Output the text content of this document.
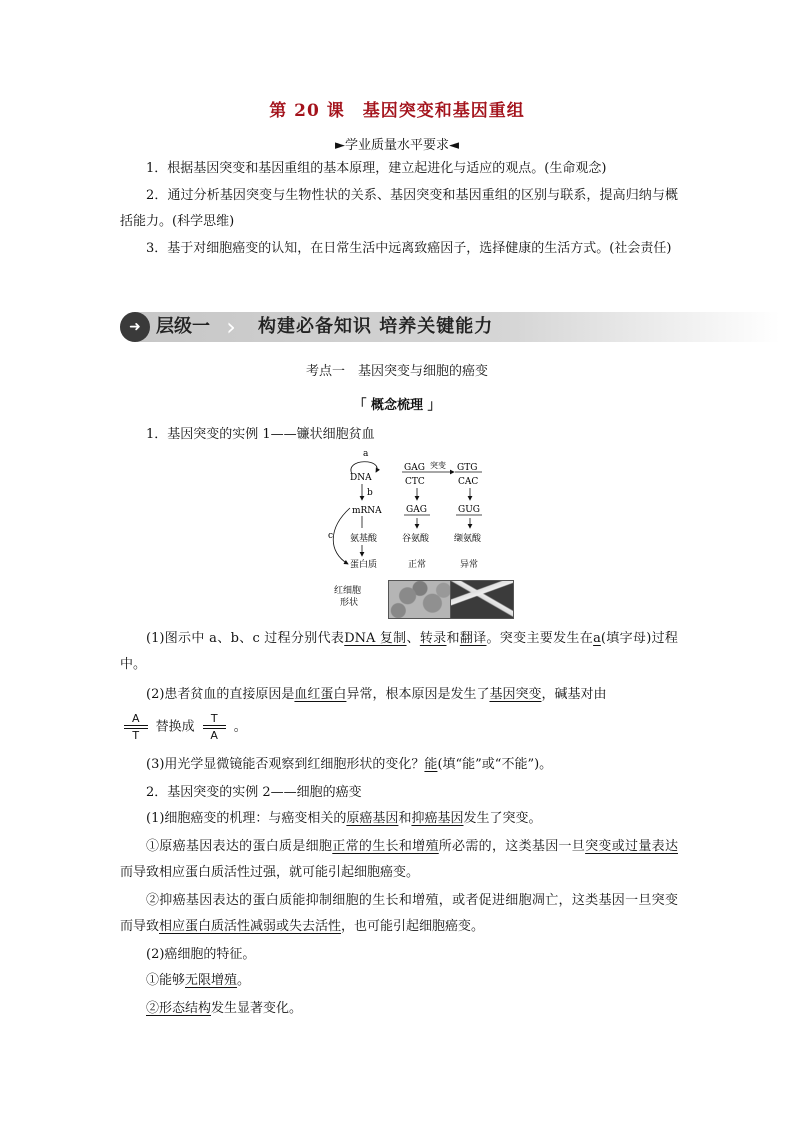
第 20 课　基因突变和基因重组
►学业质量水平要求◄
1．根据基因突变和基因重组的基本原理，建立起进化与适应的观点。(生命观念)
2．通过分析基因突变与生物性状的关系、基因突变和基因重组的区别与联系，提高归纳与概括能力。(科学思维)
3．基于对细胞癌变的认知，在日常生活中远离致癌因子，选择健康的生活方式。(社会责任)
➜ 层级一 ›	构建必备知识 培养关键能力
考点一　基因突变与细胞的癌变
「 概念梳理 」
1．基因突变的实例 1——镰状细胞贫血
a
DNA
b
mRNA
c 氨基酸
蛋白质
红细胞
形状
GAG 突变 GTG
CTC	CAC
GAG	GUG
谷氨酸	缬氨酸
正常	异常
(1)图示中 a、b、c 过程分别代表DNA 复制、转录和翻译。突变主要发生在a(填字母)过程中。
(2)患者贫血的直接原因是血红蛋白异常，根本原因是发生了基因突变，碱基对由
$\frac{A}{T}$ 替换成 $\frac{T}{A}$ 。
(3)用光学显微镜能否观察到红细胞形状的变化？能(填“能”或“不能”)。
2．基因突变的实例 2——细胞的癌变
(1)细胞癌变的机理：与癌变相关的原癌基因和抑癌基因发生了突变。
①原癌基因表达的蛋白质是细胞正常的生长和增殖所必需的，这类基因一旦突变或过量表达而导致相应蛋白质活性过强，就可能引起细胞癌变。
②抑癌基因表达的蛋白质能抑制细胞的生长和增殖，或者促进细胞凋亡，这类基因一旦突变而导致相应蛋白质活性减弱或失去活性，也可能引起细胞癌变。
(2)癌细胞的特征。
①能够无限增殖。
②形态结构发生显著变化。
